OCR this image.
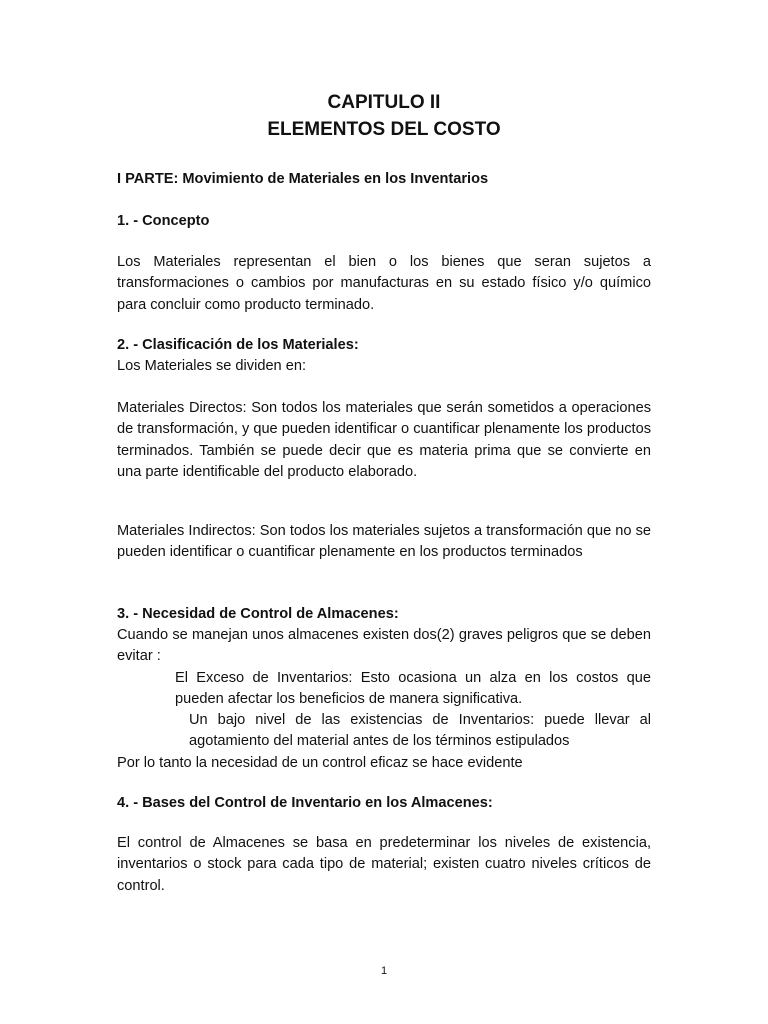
CAPITULO II

ELEMENTOS DEL COSTO

I PARTE: Movimiento de Materiales en los Inventarios

1. - Concepto

Los Materiales representan el bien o los bienes que seran sujetos a transformaciones o cambios por manufacturas en su estado físico y/o químico para concluir como producto terminado.

2. - Clasificación de los Materiales:

Los Materiales se dividen en:

Materiales Directos: Son todos los materiales que serán sometidos a operaciones de transformación, y que pueden identificar o cuantificar plenamente los productos terminados. También se puede decir que es materia prima que se convierte en una parte identificable del producto elaborado.

Materiales Indirectos: Son todos los materiales sujetos a transformación que no se pueden identificar o cuantificar plenamente en los productos terminados

3. - Necesidad de Control de Almacenes:

Cuando se manejan unos almacenes existen dos(2) graves peligros que se deben evitar :
El Exceso de Inventarios: Esto ocasiona un alza en los costos que pueden afectar los beneficios de manera significativa.
Un bajo nivel de las existencias de Inventarios: puede llevar al agotamiento del material antes de los términos estipulados
Por lo tanto la necesidad de un control eficaz se hace evidente

4. - Bases del Control de Inventario en los Almacenes:

El control de Almacenes se basa en predeterminar los niveles de existencia, inventarios o stock para cada tipo de material; existen cuatro niveles críticos de control.

1
